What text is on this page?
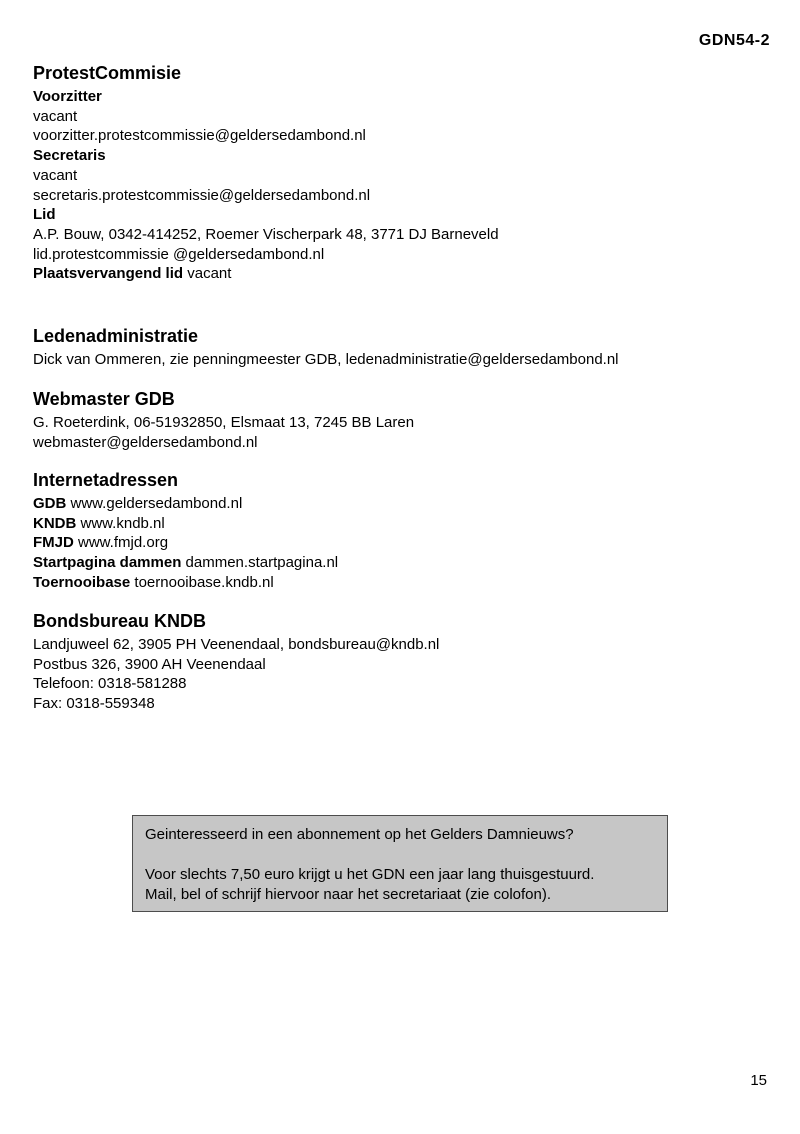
GDN54-2
ProtestCommisie
Voorzitter
vacant
voorzitter.protestcommissie@geldersedambond.nl
Secretaris
vacant
secretaris.protestcommissie@geldersedambond.nl
Lid
A.P. Bouw, 0342-414252, Roemer Vischerpark 48, 3771 DJ Barneveld
lid.protestcommissie @geldersedambond.nl
Plaatsvervangend lid vacant
Ledenadministratie
Dick van Ommeren, zie penningmeester GDB, ledenadministratie@geldersedambond.nl
Webmaster GDB
G. Roeterdink, 06-51932850, Elsmaat 13, 7245 BB Laren
webmaster@geldersedambond.nl
Internetadressen
GDB www.geldersedambond.nl
KNDB www.kndb.nl
FMJD www.fmjd.org
Startpagina dammen dammen.startpagina.nl
Toernooibase toernooibase.kndb.nl
Bondsbureau KNDB
Landjuweel 62, 3905 PH Veenendaal, bondsbureau@kndb.nl
Postbus 326, 3900 AH Veenendaal
Telefoon: 0318-581288
Fax: 0318-559348
Geinteresseerd in een abonnement op het Gelders Damnieuws?
Voor slechts 7,50 euro krijgt u het GDN een jaar lang thuisgestuurd.
Mail, bel of schrijf hiervoor naar het secretariaat (zie colofon).
15
